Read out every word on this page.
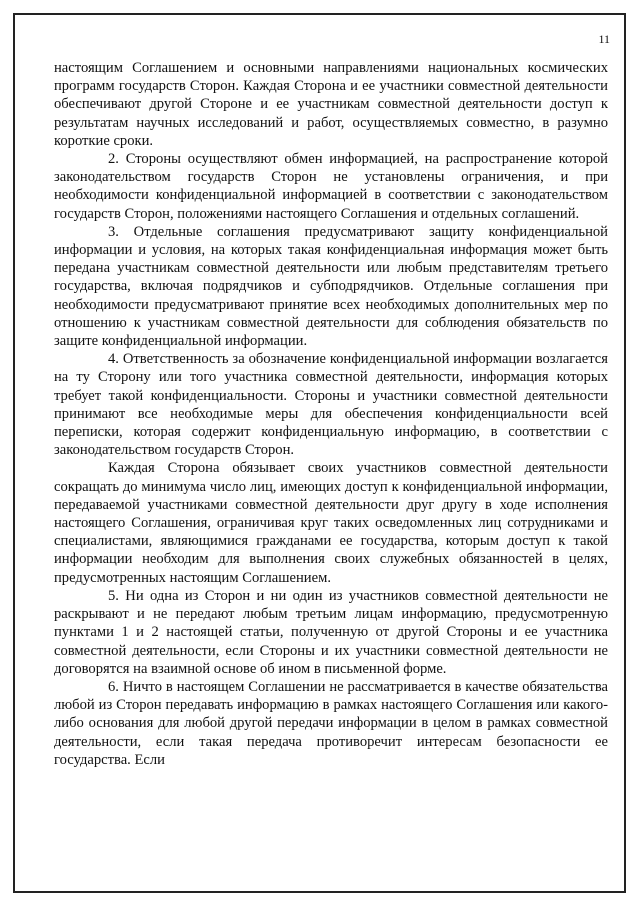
11

настоящим Соглашением и основными направлениями национальных космических программ государств Сторон. Каждая Сторона и ее участники совместной деятельности обеспечивают другой Стороне и ее участникам совместной деятельности доступ к результатам научных исследований и работ, осуществляемых совместно, в разумно короткие сроки.

2. Стороны осуществляют обмен информацией, на распространение которой законодательством государств Сторон не установлены ограничения, и при необходимости конфиденциальной информацией в соответствии с законодательством государств Сторон, положениями настоящего Соглашения и отдельных соглашений.

3. Отдельные соглашения предусматривают защиту конфиденциальной информации и условия, на которых такая конфиденциальная информация может быть передана участникам совместной деятельности или любым представителям третьего государства, включая подрядчиков и субподрядчиков. Отдельные соглашения при необходимости предусматривают принятие всех необходимых дополнительных мер по отношению к участникам совместной деятельности для соблюдения обязательств по защите конфиденциальной информации.

4. Ответственность за обозначение конфиденциальной информации возлагается на ту Сторону или того участника совместной деятельности, информация которых требует такой конфиденциальности. Стороны и участники совместной деятельности принимают все необходимые меры для обеспечения конфиденциальности всей переписки, которая содержит конфиденциальную информацию, в соответствии с законодательством государств Сторон.

Каждая Сторона обязывает своих участников совместной деятельности сокращать до минимума число лиц, имеющих доступ к конфиденциальной информации, передаваемой участниками совместной деятельности друг другу в ходе исполнения настоящего Соглашения, ограничивая круг таких осведомленных лиц сотрудниками и специалистами, являющимися гражданами ее государства, которым доступ к такой информации необходим для выполнения своих служебных обязанностей в целях, предусмотренных настоящим Соглашением.

5. Ни одна из Сторон и ни один из участников совместной деятельности не раскрывают и не передают любым третьим лицам информацию, предусмотренную пунктами 1 и 2 настоящей статьи, полученную от другой Стороны и ее участника совместной деятельности, если Стороны и их участники совместной деятельности не договорятся на взаимной основе об ином в письменной форме.

6. Ничто в настоящем Соглашении не рассматривается в качестве обязательства любой из Сторон передавать информацию в рамках настоящего Соглашения или какого-либо основания для любой другой передачи информации в целом в рамках совместной деятельности, если такая передача противоречит интересам безопасности ее государства. Если
